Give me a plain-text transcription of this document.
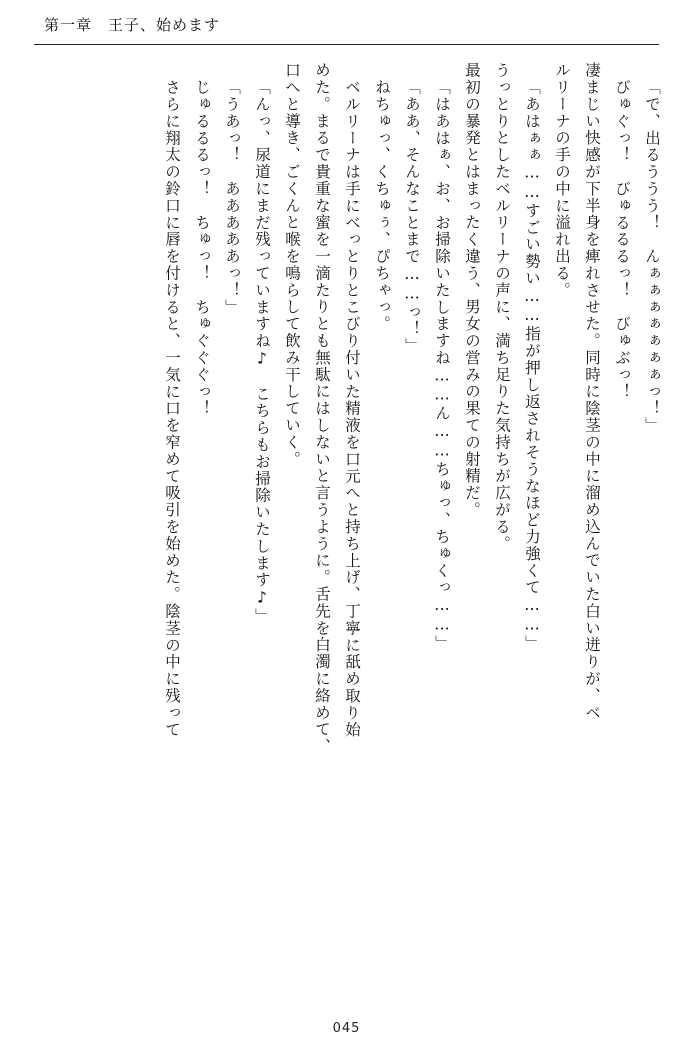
第一章　王子、始めます
「で、出るううう！　んぁぁぁぁぁぁぁっ！」
びゅぐっ！　びゅるるるっ！　びゅぶっ！
凄まじい快感が下半身を痺れさせた。同時に陰茎の中に溜め込んでいた白い迸りが、ベ
ルリーナの手の中に溢れ出る。
「あはぁぁ……すごい勢い……指が押し返されそうなほど力強くて……」
うっとりとしたベルリーナの声に、満ち足りた気持ちが広がる。
最初の暴発とはまったく違う、男女の営みの果ての射精だ。
「はあはぁ、お、お掃除いたしますね……ん……ちゅっ、ちゅくっ……」
「ああ、そんなことまで……っ！」
ねちゅっ、くちゅぅ、ぴちゃっ。
ベルリーナは手にべっとりとこびり付いた精液を口元へと持ち上げ、丁寧に舐め取り始
めた。まるで貴重な蜜を一滴たりとも無駄にはしないと言うように。舌先を白濁に絡めて、
口へと導き、ごくんと喉を鳴らして飲み干していく。
「んっ、尿道にまだ残っていますね♪　こちらもお掃除いたします♪」
「うあっ！　あああああっ！」
じゅるるるっ！　ちゅっ！　ちゅぐぐぐっ！
さらに翔太の鈴口に唇を付けると、一気に口を窄めて吸引を始めた。陰茎の中に残って
045
